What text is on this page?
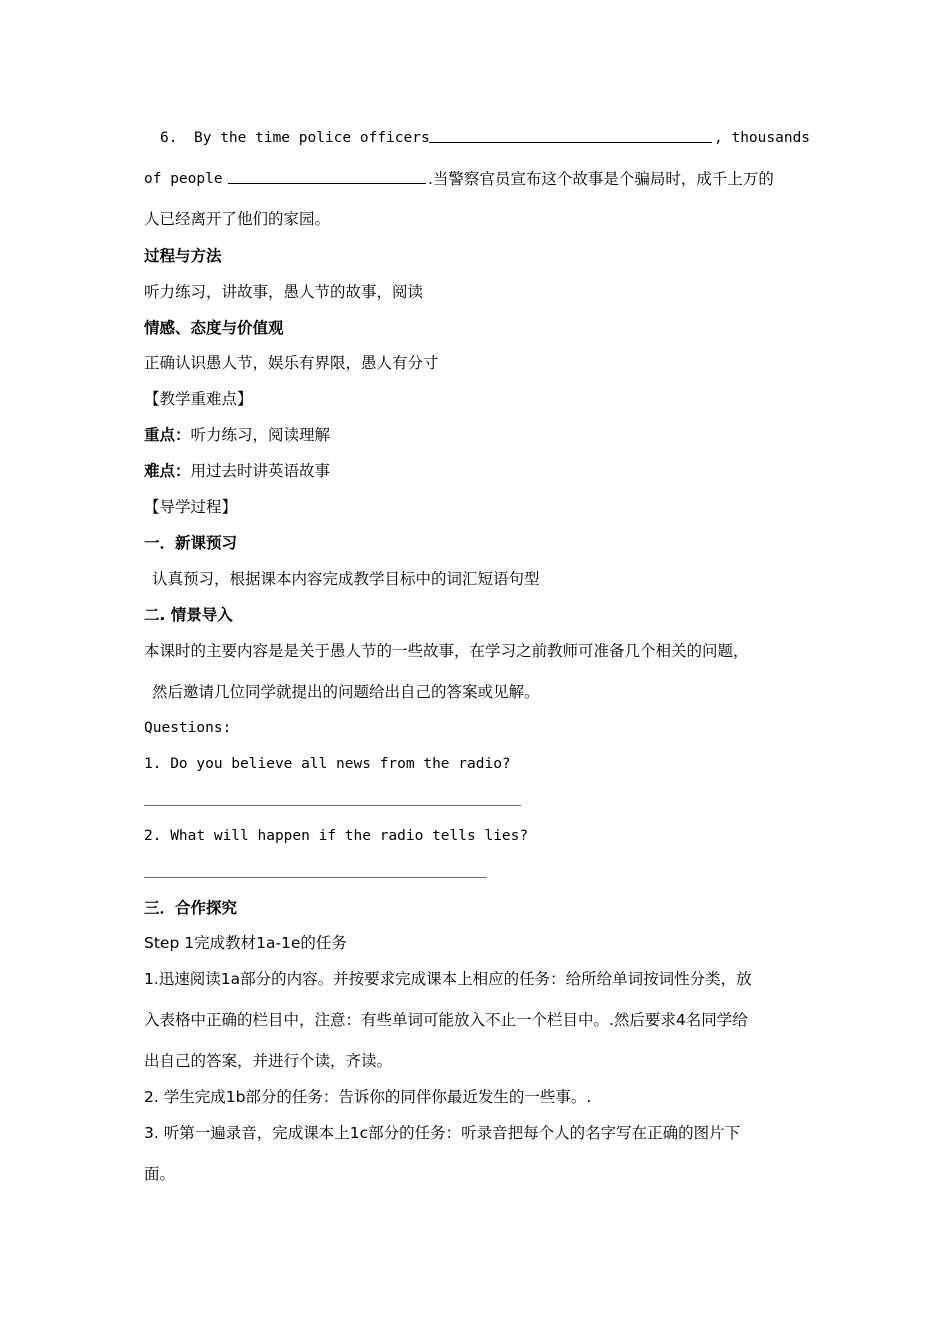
6. By the time police officers	, thousands
of people	.当警察官员宣布这个故事是个骗局时，成千上万的
人已经离开了他们的家园。
过程与方法
听力练习，讲故事，愚人节的故事，阅读
情感、态度与价值观
正确认识愚人节，娱乐有界限，愚人有分寸
【教学重难点】
重点：听力练习，阅读理解
难点：用过去时讲英语故事
【导学过程】
一．新课预习
认真预习，根据课本内容完成教学目标中的词汇短语句型
二. 情景导入
本课时的主要内容是是关于愚人节的一些故事，在学习之前教师可准备几个相关的问题，
然后邀请几位同学就提出的问题给出自己的答案或见解。
Questions:
1. Do you believe all news from the radio?
2. What will happen if the radio tells lies?
三．合作探究
Step 1完成教材1a-1e的任务
1.迅速阅读1a部分的内容。并按要求完成课本上相应的任务：给所给单词按词性分类，放
入表格中正确的栏目中，注意：有些单词可能放入不止一个栏目中。.然后要求4名同学给
出自己的答案，并进行个读，齐读。
2. 学生完成1b部分的任务：告诉你的同伴你最近发生的一些事。.
3. 听第一遍录音，完成课本上1c部分的任务：听录音把每个人的名字写在正确的图片下
面。
